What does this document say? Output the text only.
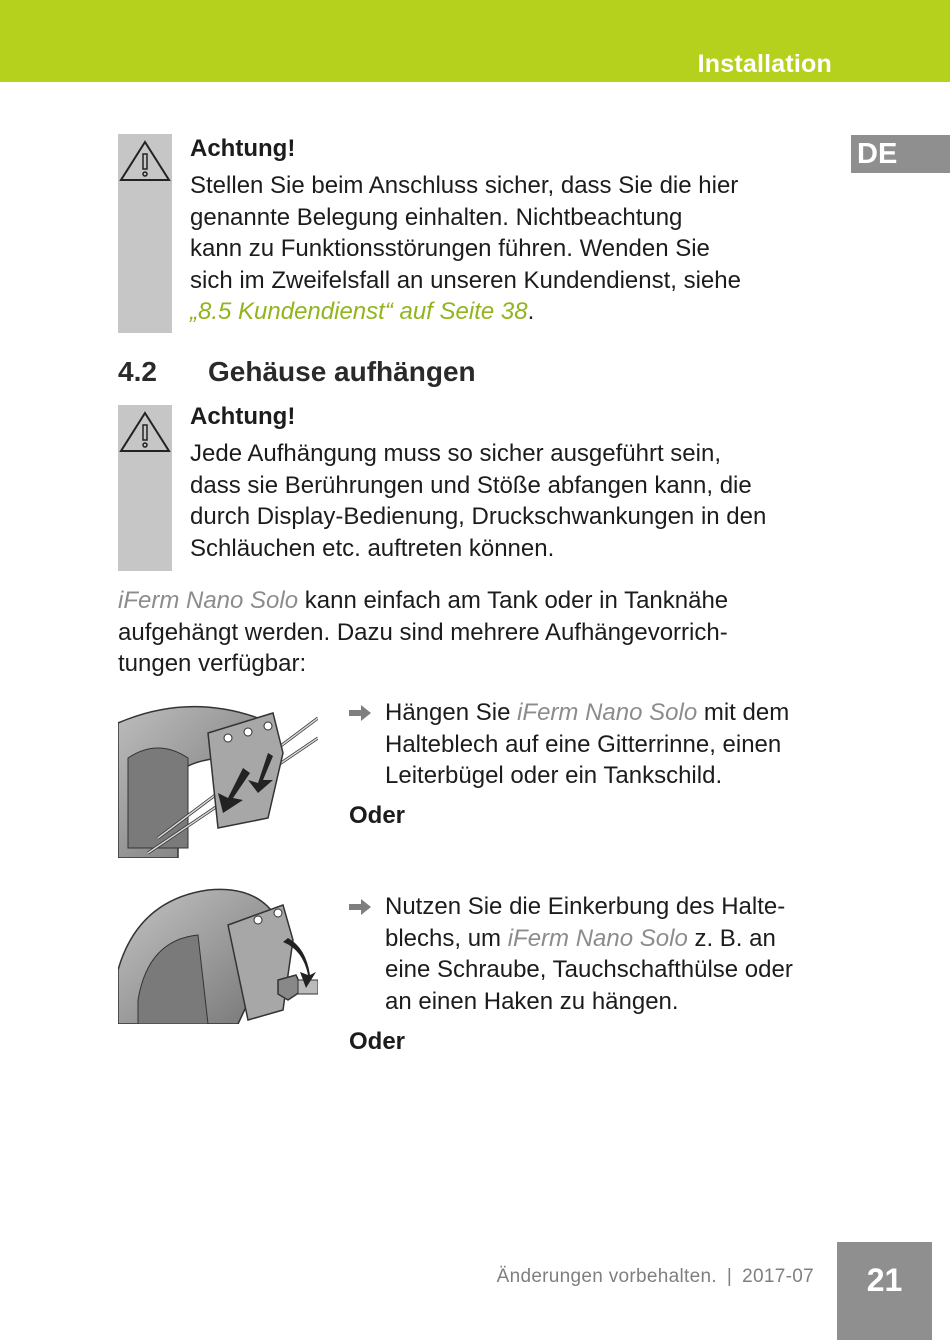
Installation
DE
Achtung!
Stellen Sie beim Anschluss sicher, dass Sie die hier
genannte Belegung einhalten. Nichtbeachtung
kann zu Funktionsstörungen führen. Wenden Sie
sich im Zweifelsfall an unseren Kundendienst, siehe
„8.5 Kundendienst“ auf Seite 38.
4.2 Gehäuse aufhängen
Achtung!
Jede Aufhängung muss so sicher ausgeführt sein,
dass sie Berührungen und Stöße abfangen kann, die
durch Display-Bedienung, Druckschwankungen in den
Schläuchen etc. auftreten können.
iFerm Nano Solo kann einfach am Tank oder in Tanknähe
aufgehängt werden. Dazu sind mehrere Aufhängevorrich-
tungen verfügbar:
Hängen Sie iFerm Nano Solo mit dem
Halteblech auf eine Gitterrinne, einen
Leiterbügel oder ein Tankschild.
Oder
Nutzen Sie die Einkerbung des Halte-
blechs, um iFerm Nano Solo z. B. an
eine Schraube, Tauchschafthülse oder
an einen Haken zu hängen.
Oder
Änderungen vorbehalten. | 2017-07	21
